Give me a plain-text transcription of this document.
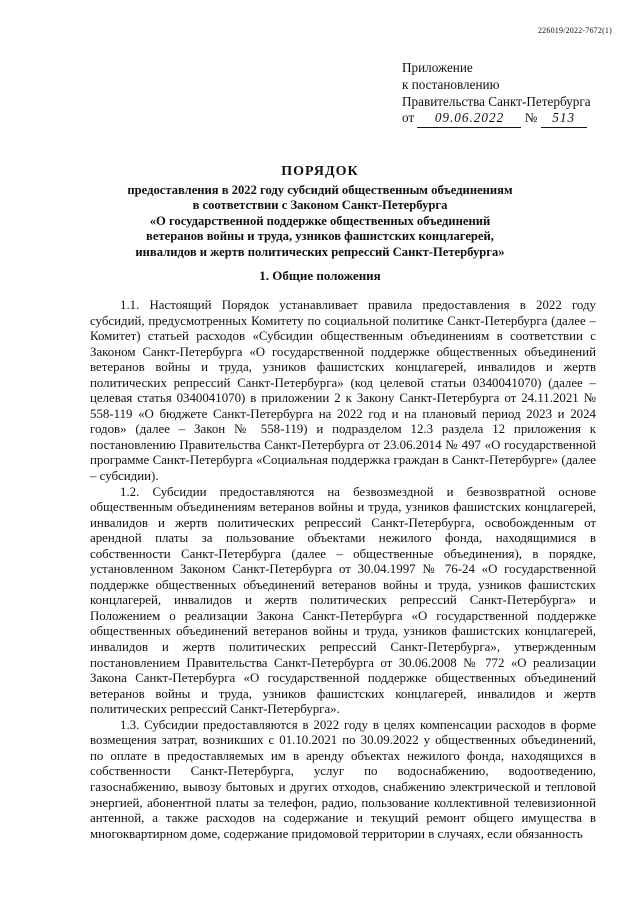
226019/2022-7672(1)
Приложение
к постановлению
Правительства Санкт-Петербурга
от 09.06.2022 № 513
ПОРЯДОК
предоставления в 2022 году субсидий общественным объединениям
в соответствии с Законом Санкт-Петербурга
«О государственной поддержке общественных объединений
ветеранов войны и труда, узников фашистских концлагерей,
инвалидов и жертв политических репрессий Санкт-Петербурга»
1. Общие положения

1.1. Настоящий Порядок устанавливает правила предоставления в 2022 году субсидий, предусмотренных Комитету по социальной политике Санкт-Петербурга (далее – Комитет) статьей расходов «Субсидии общественным объединениям в соответствии с Законом Санкт-Петербурга «О государственной поддержке общественных объединений ветеранов войны и труда, узников фашистских концлагерей, инвалидов и жертв политических репрессий Санкт-Петербурга» (код целевой статьи 0340041070) (далее – целевая статья 0340041070) в приложении 2 к Закону Санкт-Петербурга от 24.11.2021 № 558-119 «О бюджете Санкт-Петербурга на 2022 год и на плановый период 2023 и 2024 годов» (далее – Закон № 558-119) и подразделом 12.3 раздела 12 приложения к постановлению Правительства Санкт-Петербурга от 23.06.2014 № 497 «О государственной программе Санкт-Петербурга «Социальная поддержка граждан в Санкт-Петербурге» (далее – субсидии).

1.2. Субсидии предоставляются на безвозмездной и безвозвратной основе общественным объединениям ветеранов войны и труда, узников фашистских концлагерей, инвалидов и жертв политических репрессий Санкт-Петербурга, освобожденным от арендной платы за пользование объектами нежилого фонда, находящимися в собственности Санкт-Петербурга (далее – общественные объединения), в порядке, установленном Законом Санкт-Петербурга от 30.04.1997 № 76-24 «О государственной поддержке общественных объединений ветеранов войны и труда, узников фашистских концлагерей, инвалидов и жертв политических репрессий Санкт-Петербурга» и Положением о реализации Закона Санкт-Петербурга «О государственной поддержке общественных объединений ветеранов войны и труда, узников фашистских концлагерей, инвалидов и жертв политических репрессий Санкт-Петербурга», утвержденным постановлением Правительства Санкт-Петербурга от 30.06.2008 № 772 «О реализации Закона Санкт-Петербурга «О государственной поддержке общественных объединений ветеранов войны и труда, узников фашистских концлагерей, инвалидов и жертв политических репрессий Санкт-Петербурга».

1.3. Субсидии предоставляются в 2022 году в целях компенсации расходов в форме возмещения затрат, возникших с 01.10.2021 по 30.09.2022 у общественных объединений, по оплате в предоставляемых им в аренду объектах нежилого фонда, находящихся в собственности Санкт-Петербурга, услуг по водоснабжению, водоотведению, газоснабжению, вывозу бытовых и других отходов, снабжению электрической и тепловой энергией, абонентной платы за телефон, радио, пользование коллективной телевизионной антенной, а также расходов на содержание и текущий ремонт общего имущества в многоквартирном доме, содержание придомовой территории в случаях, если обязанность
